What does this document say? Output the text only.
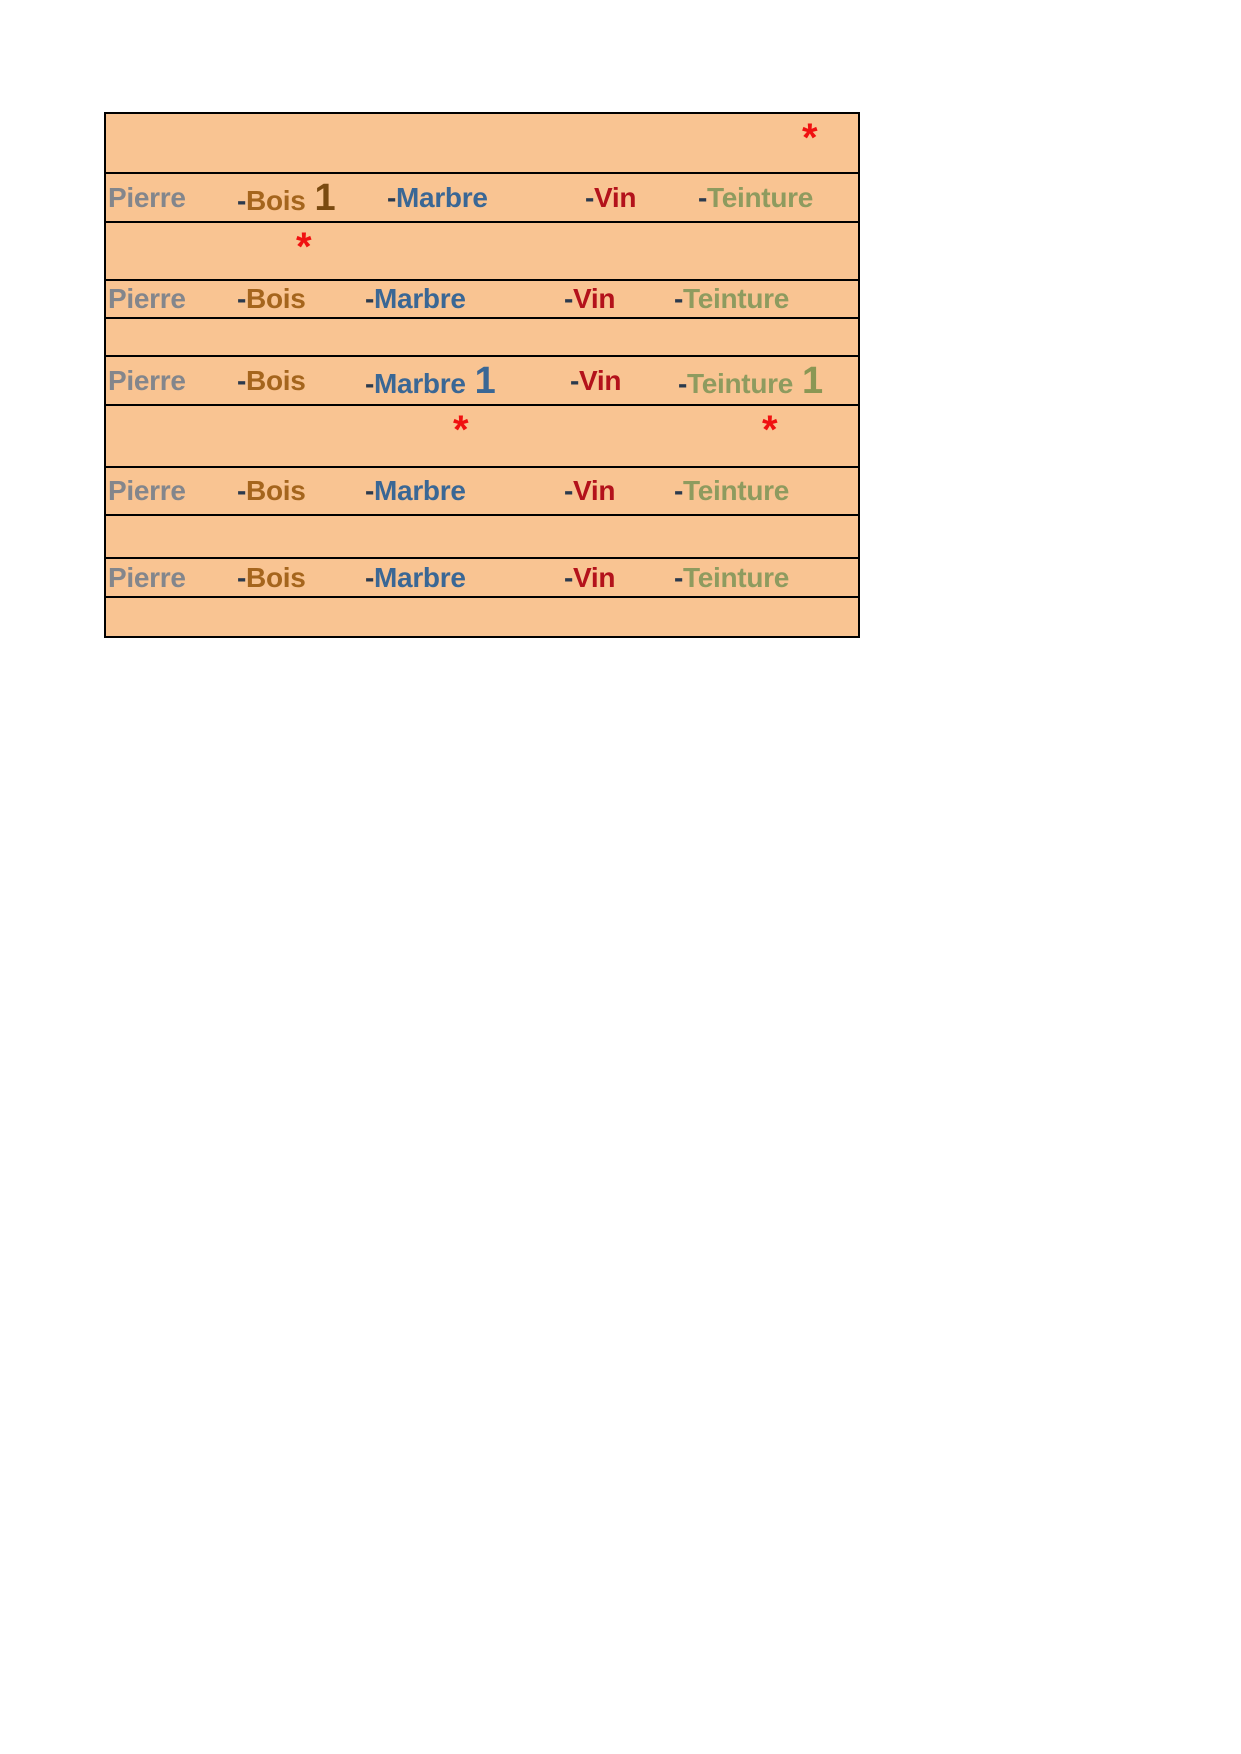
*
Pierre -Bois 1 -Marbre	-Vin -Teinture
*
Pierre -Bois -Marbre	-Vin -Teinture
Pierre -Bois -Marbre 1	-Vin -Teinture 1
*	*
Pierre -Bois -Marbre	-Vin -Teinture
Pierre -Bois -Marbre	-Vin -Teinture
